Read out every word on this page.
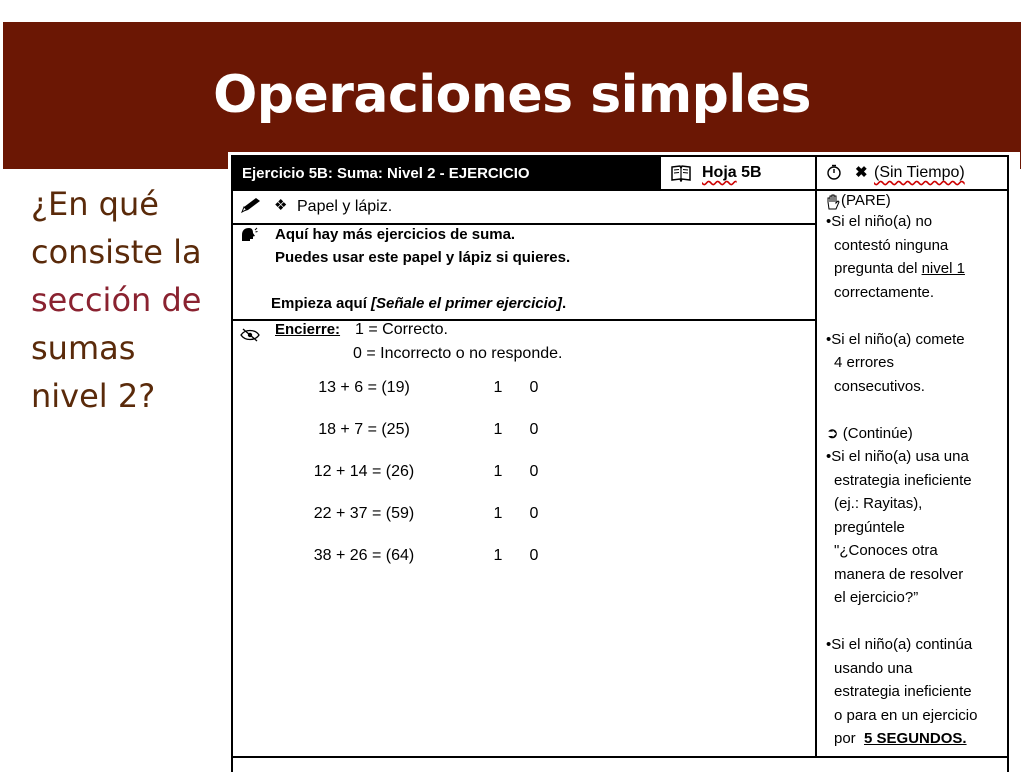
Operaciones simples
¿En qué
consiste la
sección de
sumas
nivel 2?
Ejercicio 5B: Suma: Nivel 2 - EJERCICIO	Hoja 5B	✖ (Sin Tiempo)
❖ Papel y lápiz.
Aquí hay más ejercicios de suma.
Puedes usar este papel y lápiz si quieres.
Empieza aquí [Señale el primer ejercicio].
Encierre: 1 = Correcto.
0 = Incorrecto o no responde.
13 + 6 = (19)	1 0
18 + 7 = (25)	1 0
12 + 14 = (26)	1 0
22 + 37 = (59)	1 0
38 + 26 = (64)	1 0
(PARE)

•Si el niño(a) no

contestó ninguna
pregunta del nivel 1
correctamente.

•Si el niño(a) comete

4 errores
consecutivos.

➲ (Continúe)

•Si el niño(a) usa una

estrategia ineficiente
(ej.: Rayitas),
pregúntele
"¿Conoces otra
manera de resolver
el ejercicio?”

•Si el niño(a) continúa

usando una
estrategia ineficiente
o para en un ejercicio
por  5 SEGUNDOS.
